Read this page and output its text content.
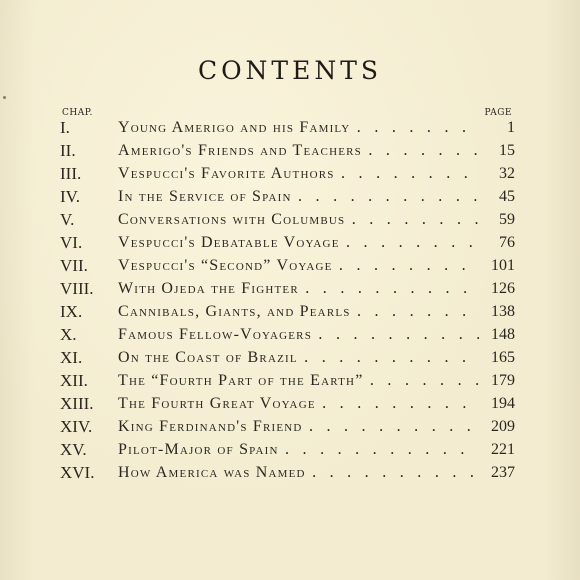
CONTENTS
CHAP.	PAGE
I.	Young Amerigo and his Family . . .	1
II.	Amerigo's Friends and Teachers . . .	15
III. Vespucci's Favorite Authors . . .	32
IV. In the Service of Spain . . .	45
V.	Conversations with Columbus . . .	59
VI. Vespucci's Debatable Voyage . . .	76
VII. Vespucci's “Second” Voyage . . .	101
VIII. With Ojeda the Fighter . . .	126
IX. Cannibals, Giants, and Pearls . . .	138
X.	Famous Fellow-Voyagers . . .	148
XI. On the Coast of Brazil . . .	165
XII. The “Fourth Part of the Earth” . . .	179
XIII. The Fourth Great Voyage . . .	194
XIV. King Ferdinand's Friend . . .	209
XV. Pilot-Major of Spain . . .	221
XVI. How America was Named . . .	237
